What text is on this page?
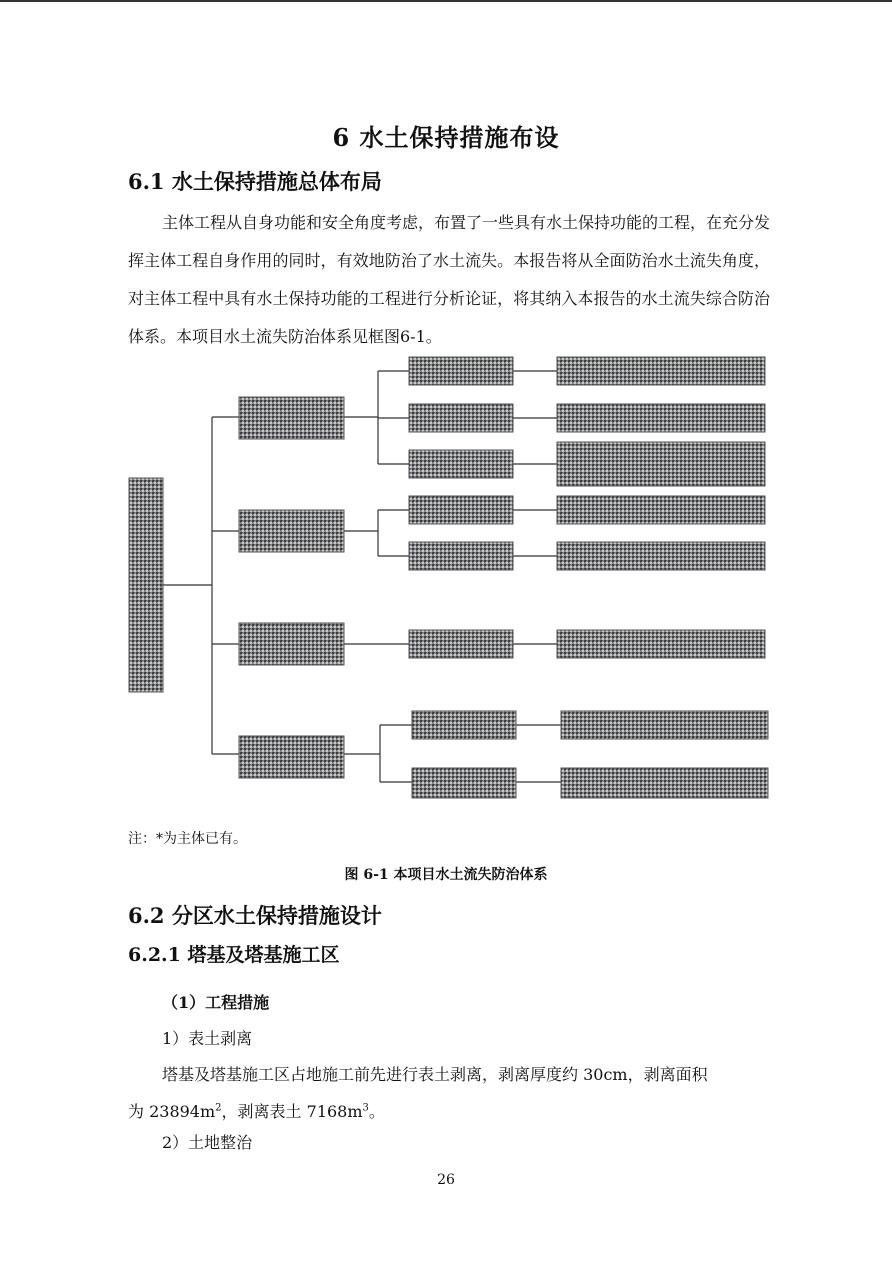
6 水土保持措施布设
6.1 水土保持措施总体布局
主体工程从自身功能和安全角度考虑，布置了一些具有水土保持功能的工程，在充分发挥主体工程自身作用的同时，有效地防治了水土流失。本报告将从全面防治水土流失角度，对主体工程中具有水土保持功能的工程进行分析论证，将其纳入本报告的水土流失综合防治体系。本项目水土流失防治体系见框图6-1。
注：*为主体已有。
图 6-1 本项目水土流失防治体系
6.2 分区水土保持措施设计
6.2.1 塔基及塔基施工区
（1）工程措施
1）表土剥离
塔基及塔基施工区占地施工前先进行表土剥离，剥离厚度约 30cm，剥离面积
为 $23894m^2$，剥离表土 $7168m^3$。
2）土地整治
26
